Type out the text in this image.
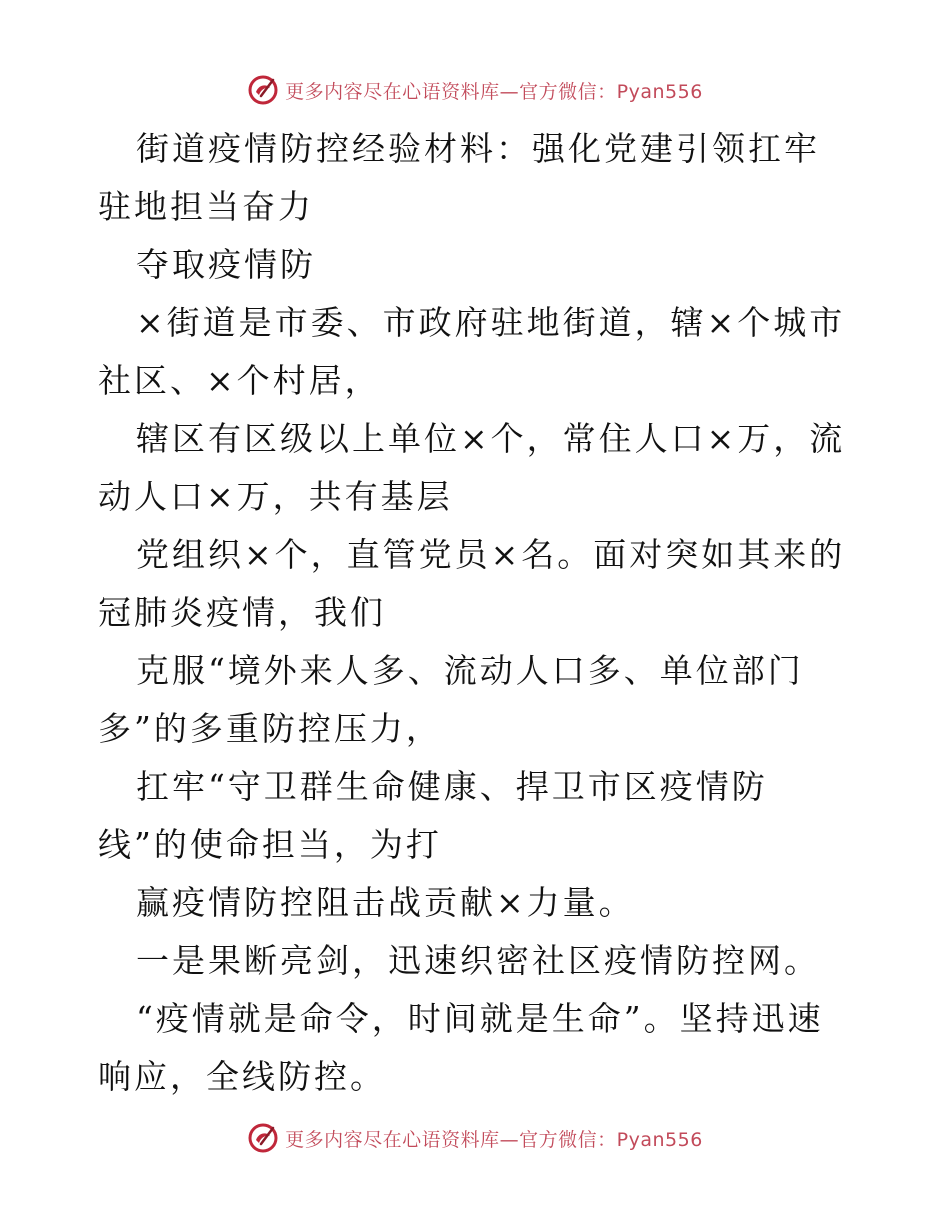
更多内容尽在心语资料库—官方微信：Pyan556

街道疫情防控经验材料：强化党建引领扛牢驻地担当奋力

夺取疫情防

×街道是市委、市政府驻地街道，辖×个城市社区、×个村居，

辖区有区级以上单位×个，常住人口×万，流动人口×万，共有基层

党组织×个，直管党员×名。面对突如其来的冠肺炎疫情，我们

克服“境外来人多、流动人口多、单位部门多”的多重防控压力，

扛牢“守卫群生命健康、捍卫市区疫情防线”的使命担当，为打

赢疫情防控阻击战贡献×力量。

一是果断亮剑，迅速织密社区疫情防控网。

“疫情就是命令，时间就是生命”。坚持迅速响应，全线防控。

更多内容尽在心语资料库—官方微信：Pyan556
